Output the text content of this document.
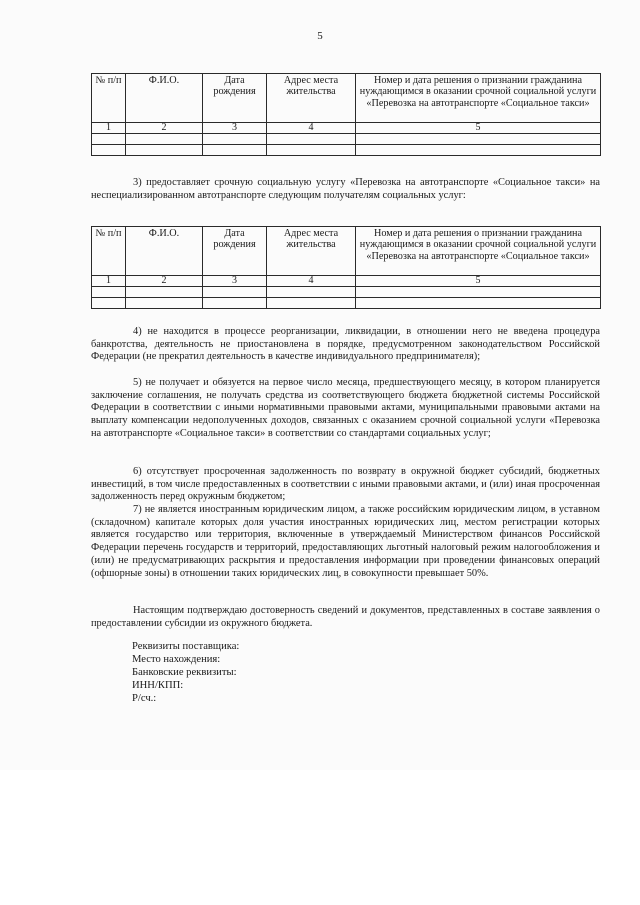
5
№ п/п	Ф.И.О.	Дата рождения	Адрес места жительства	Номер и дата решения о признании гражданина нуждающимся в оказании срочной социальной услуги «Перевозка на автотранспорте «Социальное такси»
1	2	3	4	5

3) предоставляет срочную социальную услугу «Перевозка на автотранспорте «Социальное такси» на неспециализированном автотранспорте следующим получателям социальных услуг:

№ п/п	Ф.И.О.	Дата рождения	Адрес места жительства	Номер и дата решения о признании гражданина нуждающимся в оказании срочной социальной услуги «Перевозка на автотранспорте «Социальное такси»
1	2	3	4	5

4) не находится в процессе реорганизации, ликвидации, в отношении него не введена процедура банкротства, деятельность не приостановлена в порядке, предусмотренном законодательством Российской Федерации (не прекратил деятельность в качестве индивидуального предпринимателя);

5) не получает и обязуется на первое число месяца, предшествующего месяцу, в котором планируется заключение соглашения, не получать средства из соответствующего бюджета бюджетной системы Российской Федерации в соответствии с иными нормативными правовыми актами, муниципальными правовыми актами на выплату компенсации недополученных доходов, связанных с оказанием срочной социальной услуги «Перевозка на автотранспорте «Социальное такси» в соответствии со стандартами социальных услуг;

6) отсутствует просроченная задолженность по возврату в окружной бюджет субсидий, бюджетных инвестиций, в том числе предоставленных в соответствии с иными правовыми актами, и (или) иная просроченная задолженность перед окружным бюджетом;

7) не является иностранным юридическим лицом, а также российским юридическим лицом, в уставном (складочном) капитале которых доля участия иностранных юридических лиц, местом регистрации которых является государство или территория, включенные в утверждаемый Министерством финансов Российской Федерации перечень государств и территорий, предоставляющих льготный налоговый режим налогообложения и (или) не предусматривающих раскрытия и предоставления информации при проведении финансовых операций (офшорные зоны) в отношении таких юридических лиц, в совокупности превышает 50%.

Настоящим подтверждаю достоверность сведений и документов, представленных в составе заявления о предоставлении субсидии из окружного бюджета.

Реквизиты поставщика:
Место нахождения:
Банковские реквизиты:
ИНН/КПП:
Р/сч.:
